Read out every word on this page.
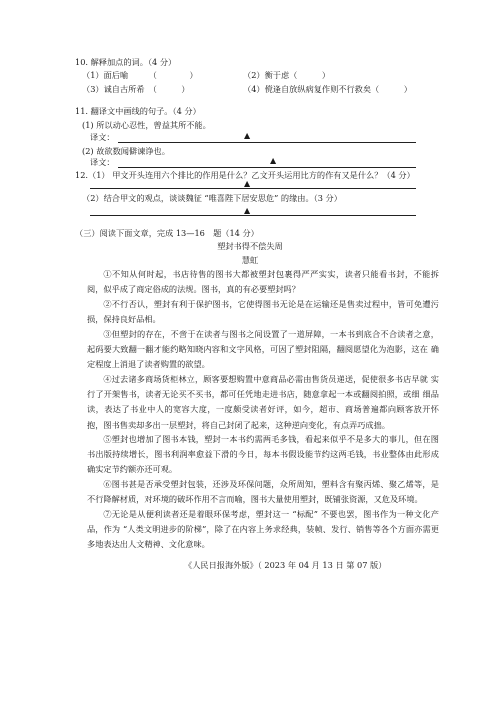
10. 解释加点的词。（4 分）
（1）面后喻　　　（　　　　）	（2）衡于虑（　　　）
（3）诚自古所希　（　　　）	（4）傥逢自放纵病复作则不行救矣（　　　）
11. 翻译文中画线的句子。（4 分）
(1) 所以动心忍性，曾益其所不能。
译文：	▲
(2) 故欲数闻僻谏诤也。
译文：	▲
12.（1） 甲文开头连用六个排比的作用是什么？乙文开头运用比方的作有又是什么？（4 分）
▲
（2）结合甲文的观点，谈谈魏征 “唯喜陛下居安思危” 的缘由。（3 分）
▲
（三）阅读下面文章，完成 13—16　题（14 分）
塑封书得不偿失周
慧虹
①不知从何时起，书店待售的图书大都被塑封包裹得严严实实，读者只能看书封，不能拆阅，似乎成了商定俗成的法规。图书，真的有必要塑封吗？
②不行否认，塑封有利于保护图书，它使得图书无论是在运输还是售卖过程中，皆可免遭污损，保持良好品相。
③但塑封的存在，不啻于在读者与图书之间设置了一道屏障，一本书到底合不合读者之意，起码要大致翻一翻才能约略知晓内容和文字风格，可因了塑封阻隔，翻阅愿望化为泡影，这在 确定程度上消退了读者购置的欲望。
④过去诸多商场货柜林立，顾客要想购置中意商品必需由售货员递送，促使很多书店早就 实行了开架售书，读者无论买不买书，都可任凭地走进书店，随意拿起一本或翻阅拍照，或细 细品读，表达了书业中人的宽容大度，一度颇受读者好评，如今，超市、商场普遍都向顾客放开怀抱，图书售卖却多出一层塑封，将自己封闭了起来，这种逆向变化，有点弄巧成拙。
⑤塑封也增加了图书本钱，塑封一本书约需两毛多钱，看起来似乎不是多大的事儿，但在图书出版持续增长，图书利润率愈益下滑的今日，每本书假设能节约这两毛钱，书业整体由此形成确实定节约额亦还可观。
⑥图书甚是否承受塑封包装，还涉及环保问题，众所周知，塑料含有聚丙烯、聚乙烯等，是不行降解材质，对环境的破坏作用不言而喻，图书大量使用塑封，既铺张资源，又危及环境。
⑦无论是从便利读者还是着眼环保考虑，塑封这一 “标配” 不要也罢，图书作为一种文化产品，作为 “人类文明进步的阶梯”，除了在内容上务求经典，装帧、发行、销售等各个方面亦需更多地表达出人文精神、文化意味。
《人民日报海外版》（ 2023 年 04 月 13 日 第 07 版）
